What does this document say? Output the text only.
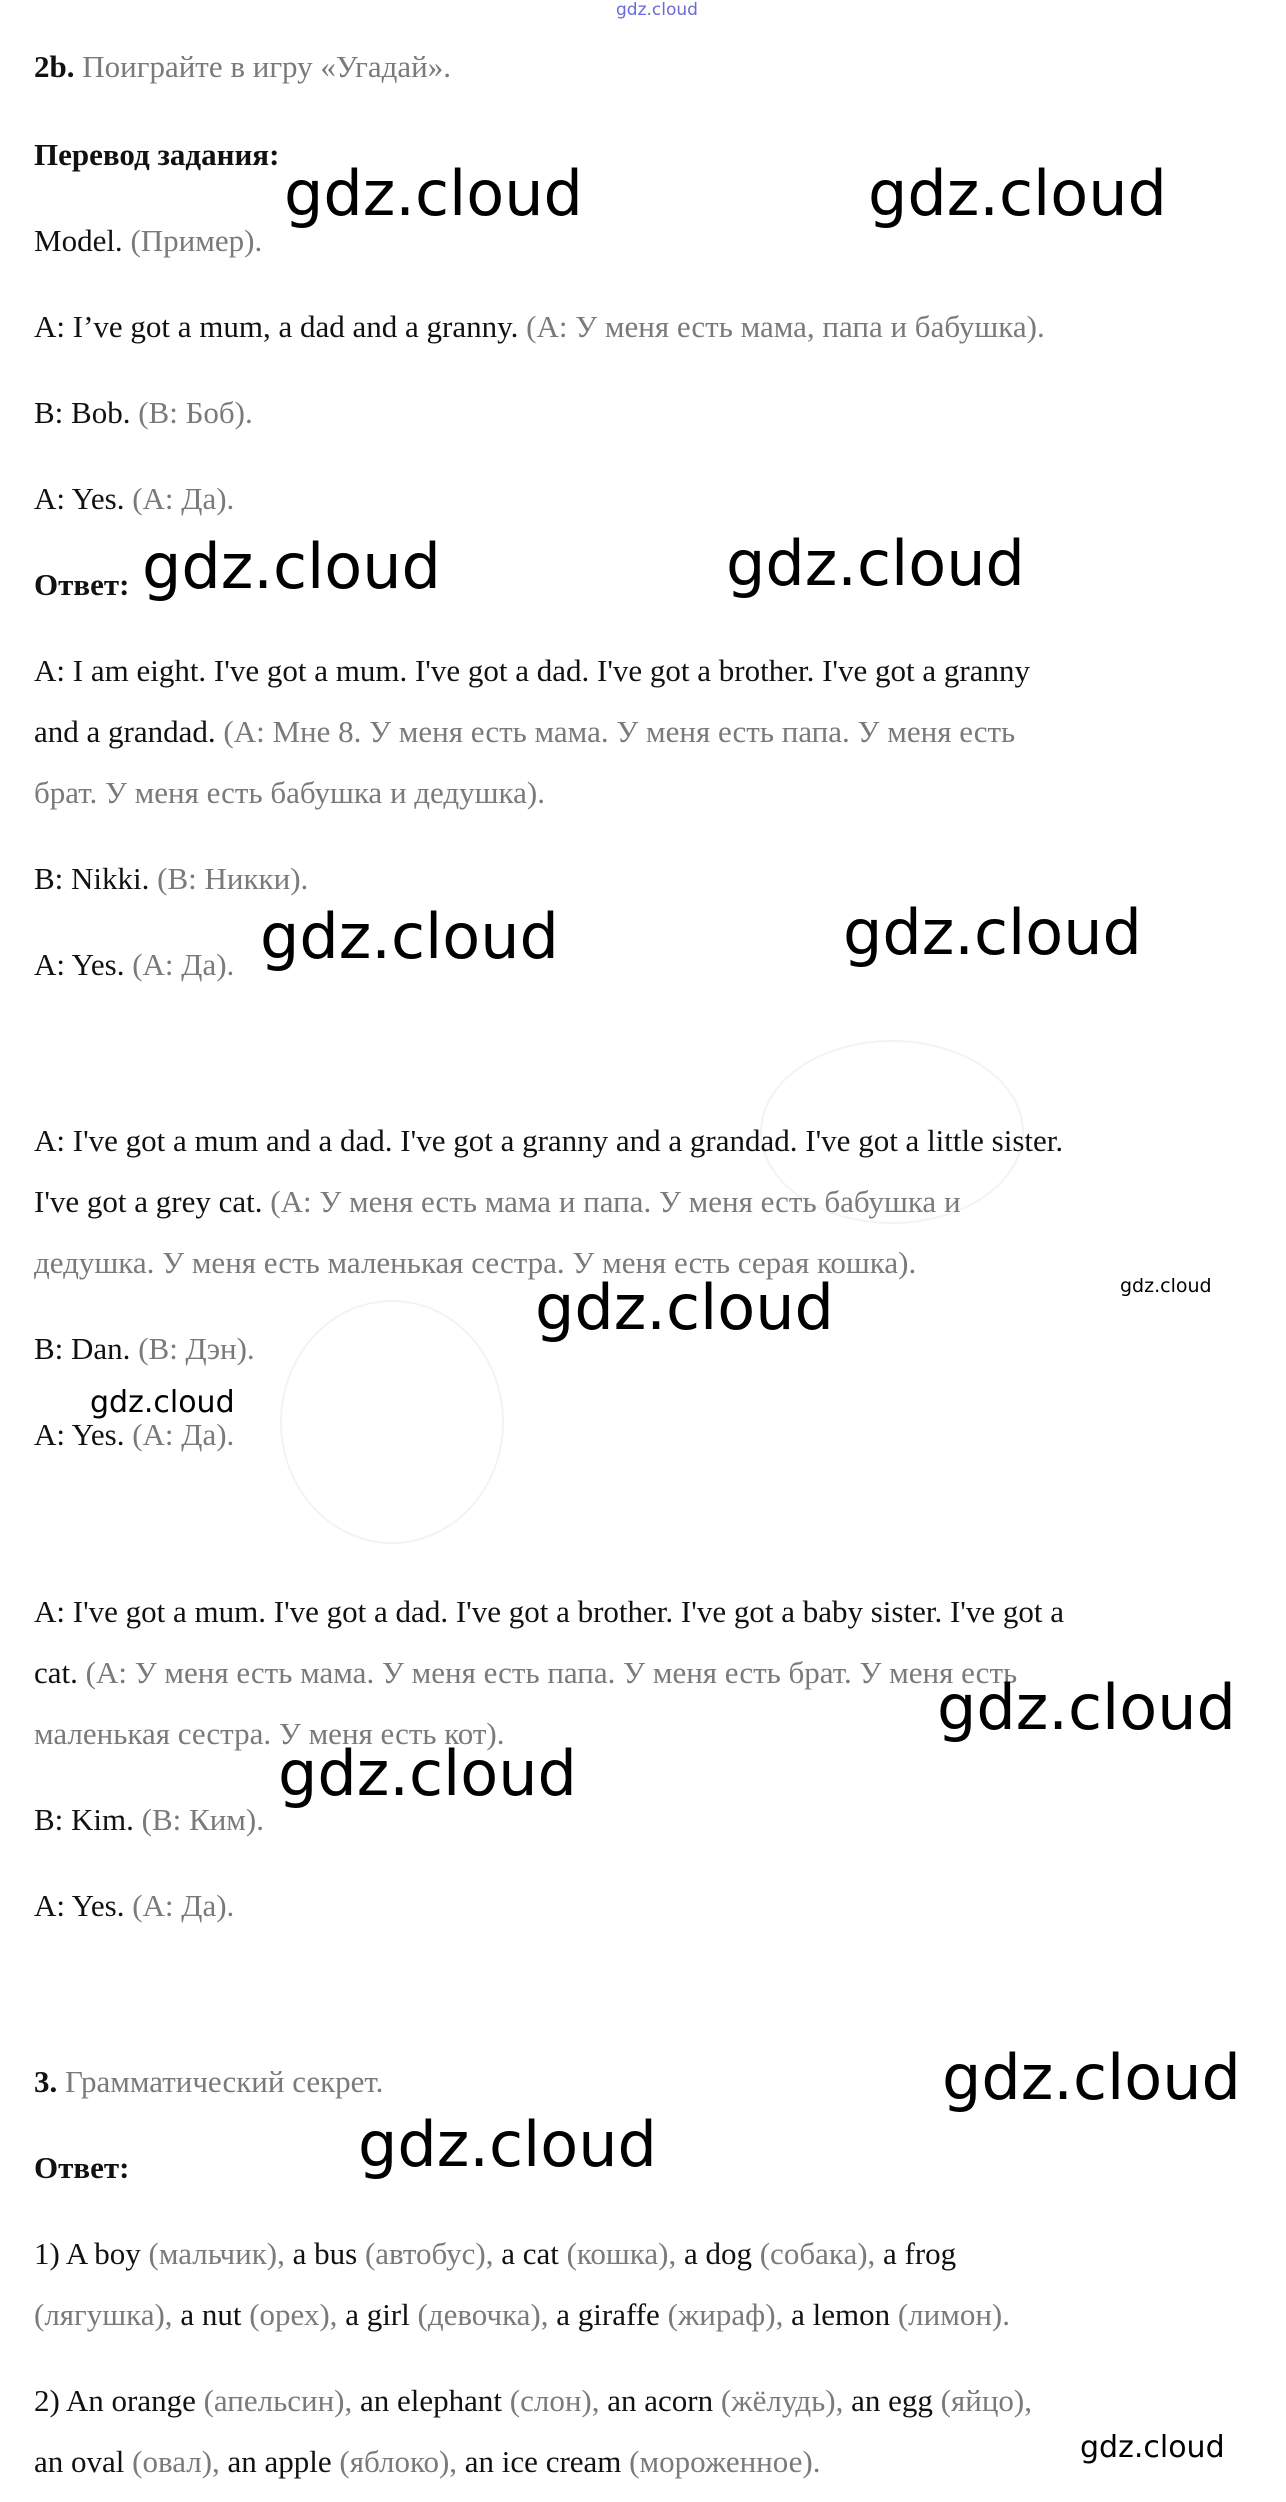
gdz.cloud
2b. Поиграйте в игру «Угадай».
Перевод задания:
Model. (Пример).
A: I’ve got a mum, a dad and a granny. (А: У меня есть мама, папа и бабушка).
B: Bob. (В: Боб).
A: Yes. (А: Да).
Ответ:
A: I am eight. I've got a mum. I've got a dad. I've got a brother. I've got a granny
and a grandad. (А: Мне 8. У меня есть мама. У меня есть папа. У меня есть
брат. У меня есть бабушка и дедушка).
B: Nikki. (В: Никки).
A: Yes. (А: Да).
A: I've got a mum and a dad. I've got a granny and a grandad. I've got a little sister.
I've got a grey cat. (А: У меня есть мама и папа. У меня есть бабушка и
дедушка. У меня есть маленькая сестра. У меня есть серая кошка).
B: Dan. (В: Дэн).
A: Yes. (А: Да).
A: I've got a mum. I've got a dad. I've got a brother. I've got a baby sister. I've got a
cat. (А: У меня есть мама. У меня есть папа. У меня есть брат. У меня есть
маленькая сестра. У меня есть кот).
B: Kim. (В: Ким).
A: Yes. (А: Да).
3. Грамматический секрет.
Ответ:
1) A boy (мальчик), a bus (автобус), a cat (кошка), a dog (собака), a frog
(лягушка), a nut (орех), a girl (девочка), a giraffe (жираф), a lemon (лимон).
2) An orange (апельсин), an elephant (слон), an acorn (жёлудь), an egg (яйцо),
an oval (овал), an apple (яблоко), an ice cream (мороженное).
gdz.cloud	gdz.cloud
gdz.cloud	gdz.cloud
gdz.cloud	gdz.cloud
gdz.cloud	gdz.cloud
gdz.cloud
gdz.cloud
gdz.cloud
gdz.cloud
gdz.cloud
gdz.cloud
